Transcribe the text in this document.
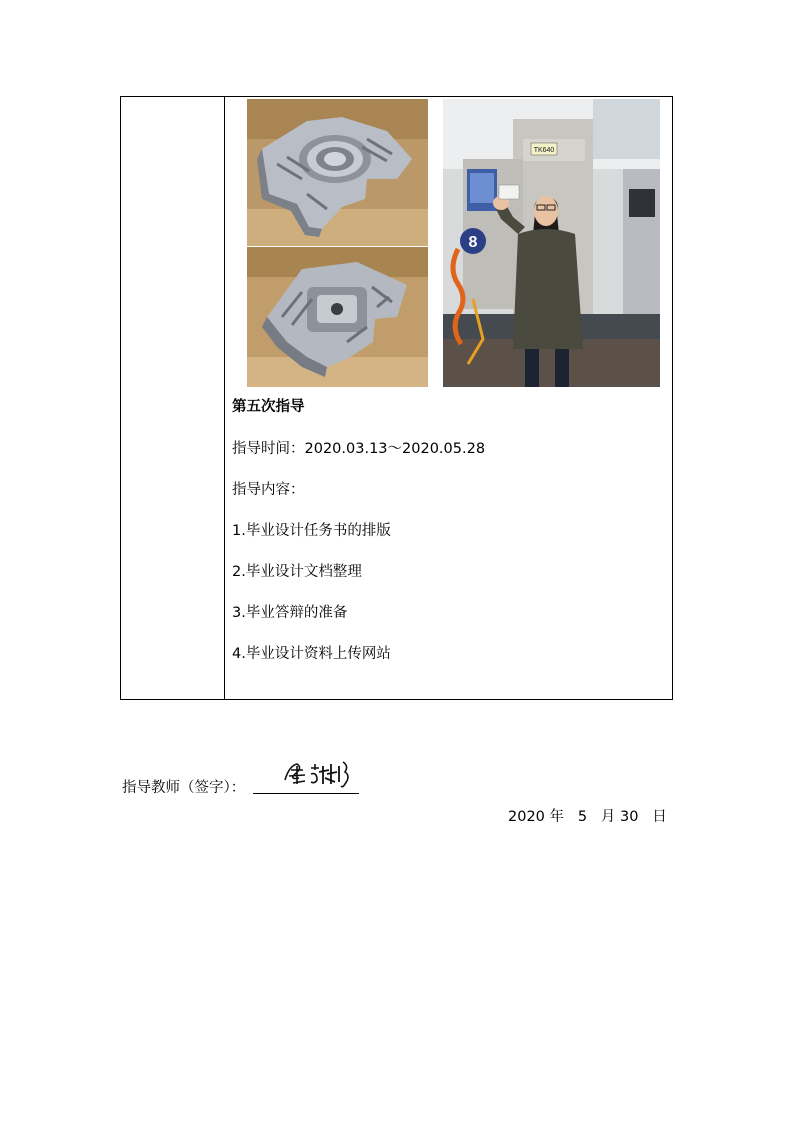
TK640
8
第五次指导
指导时间：2020.03.13～2020.05.28
指导内容：
1.毕业设计任务书的排版
2.毕业设计文档整理
3.毕业答辩的准备
4.毕业设计资料上传网站
指导教师（签字）：
2020 年 5   月 30   日
